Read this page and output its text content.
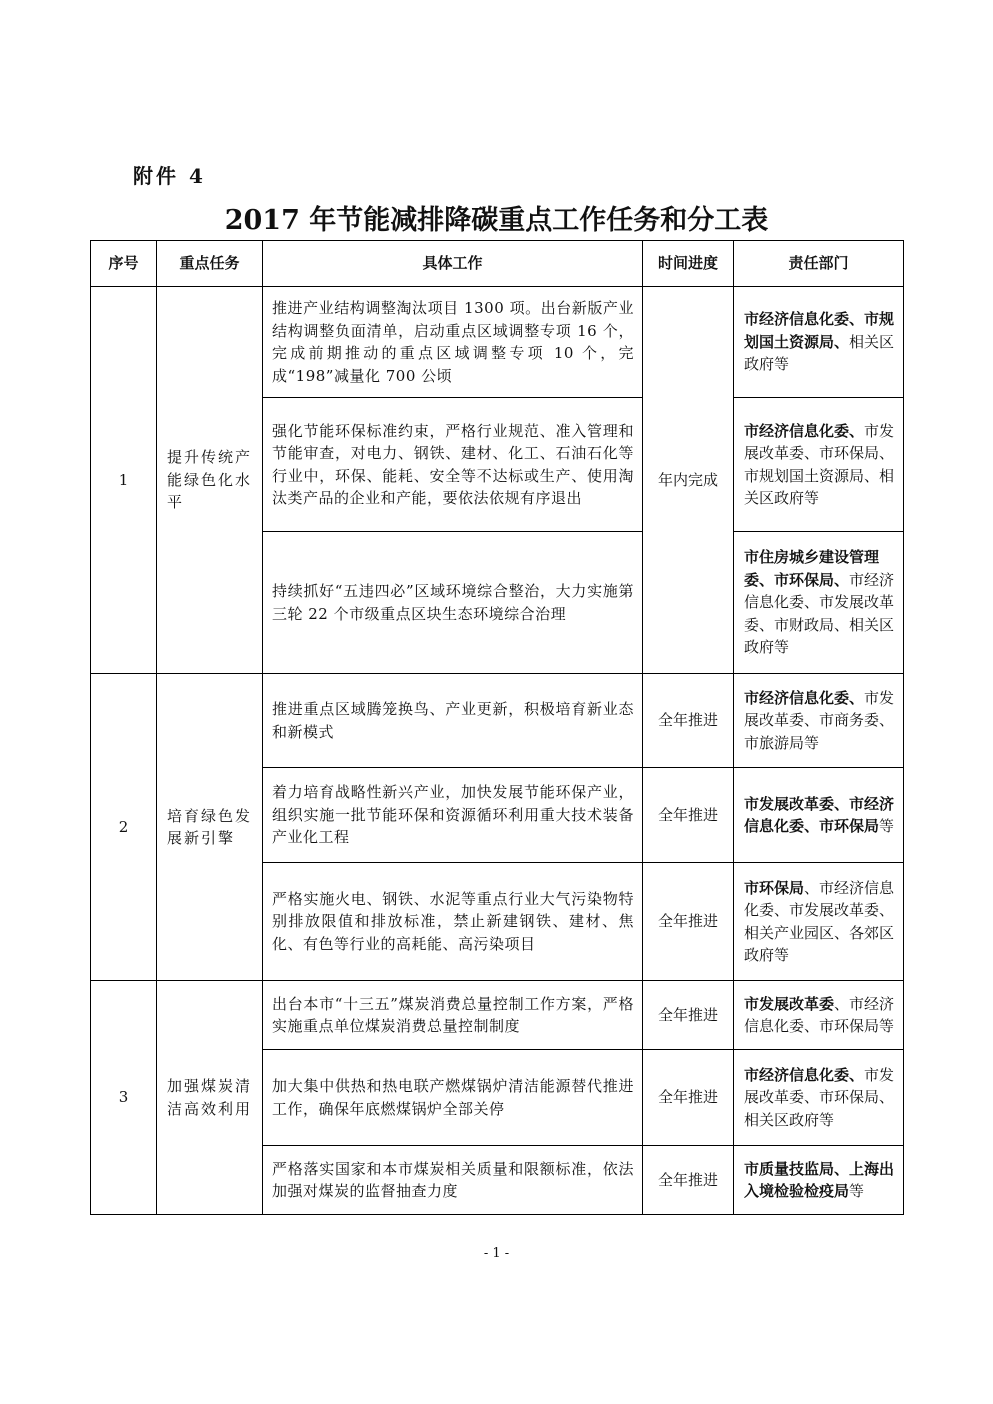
附件 4
2017 年节能减排降碳重点工作任务和分工表
序号	重点任务	具体工作	时间进度	责任部门
1	提升传统产能绿色化水平	推进产业结构调整淘汰项目 1300 项。出台新版产业结构调整负面清单，启动重点区域调整专项 16 个，完成前期推动的重点区域调整专项 10 个，完成“198”减量化 700 公顷	年内完成	市经济信息化委、市规划国土资源局、相关区政府等
		强化节能环保标准约束，严格行业规范、准入管理和节能审查，对电力、钢铁、建材、化工、石油石化等行业中，环保、能耗、安全等不达标或生产、使用淘汰类产品的企业和产能，要依法依规有序退出		市经济信息化委、市发展改革委、市环保局、市规划国土资源局、相关区政府等
		持续抓好“五违四必”区域环境综合整治，大力实施第三轮 22 个市级重点区块生态环境综合治理		市住房城乡建设管理委、市环保局、市经济信息化委、市发展改革委、市财政局、相关区政府等
2	培育绿色发展新引擎	推进重点区域腾笼换鸟、产业更新，积极培育新业态和新模式	全年推进	市经济信息化委、市发展改革委、市商务委、市旅游局等
		着力培育战略性新兴产业，加快发展节能环保产业，组织实施一批节能环保和资源循环利用重大技术装备产业化工程	全年推进	市发展改革委、市经济信息化委、市环保局等
		严格实施火电、钢铁、水泥等重点行业大气污染物特别排放限值和排放标准，禁止新建钢铁、建材、焦化、有色等行业的高耗能、高污染项目	全年推进	市环保局、市经济信息化委、市发展改革委、相关产业园区、各郊区政府等
3	加强煤炭清洁高效利用	出台本市“十三五”煤炭消费总量控制工作方案，严格实施重点单位煤炭消费总量控制制度	全年推进	市发展改革委、市经济信息化委、市环保局等
		加大集中供热和热电联产燃煤锅炉清洁能源替代推进工作，确保年底燃煤锅炉全部关停	全年推进	市经济信息化委、市发展改革委、市环保局、相关区政府等
		严格落实国家和本市煤炭相关质量和限额标准，依法加强对煤炭的监督抽查力度	全年推进	市质量技监局、上海出入境检验检疫局等
- 1 -
